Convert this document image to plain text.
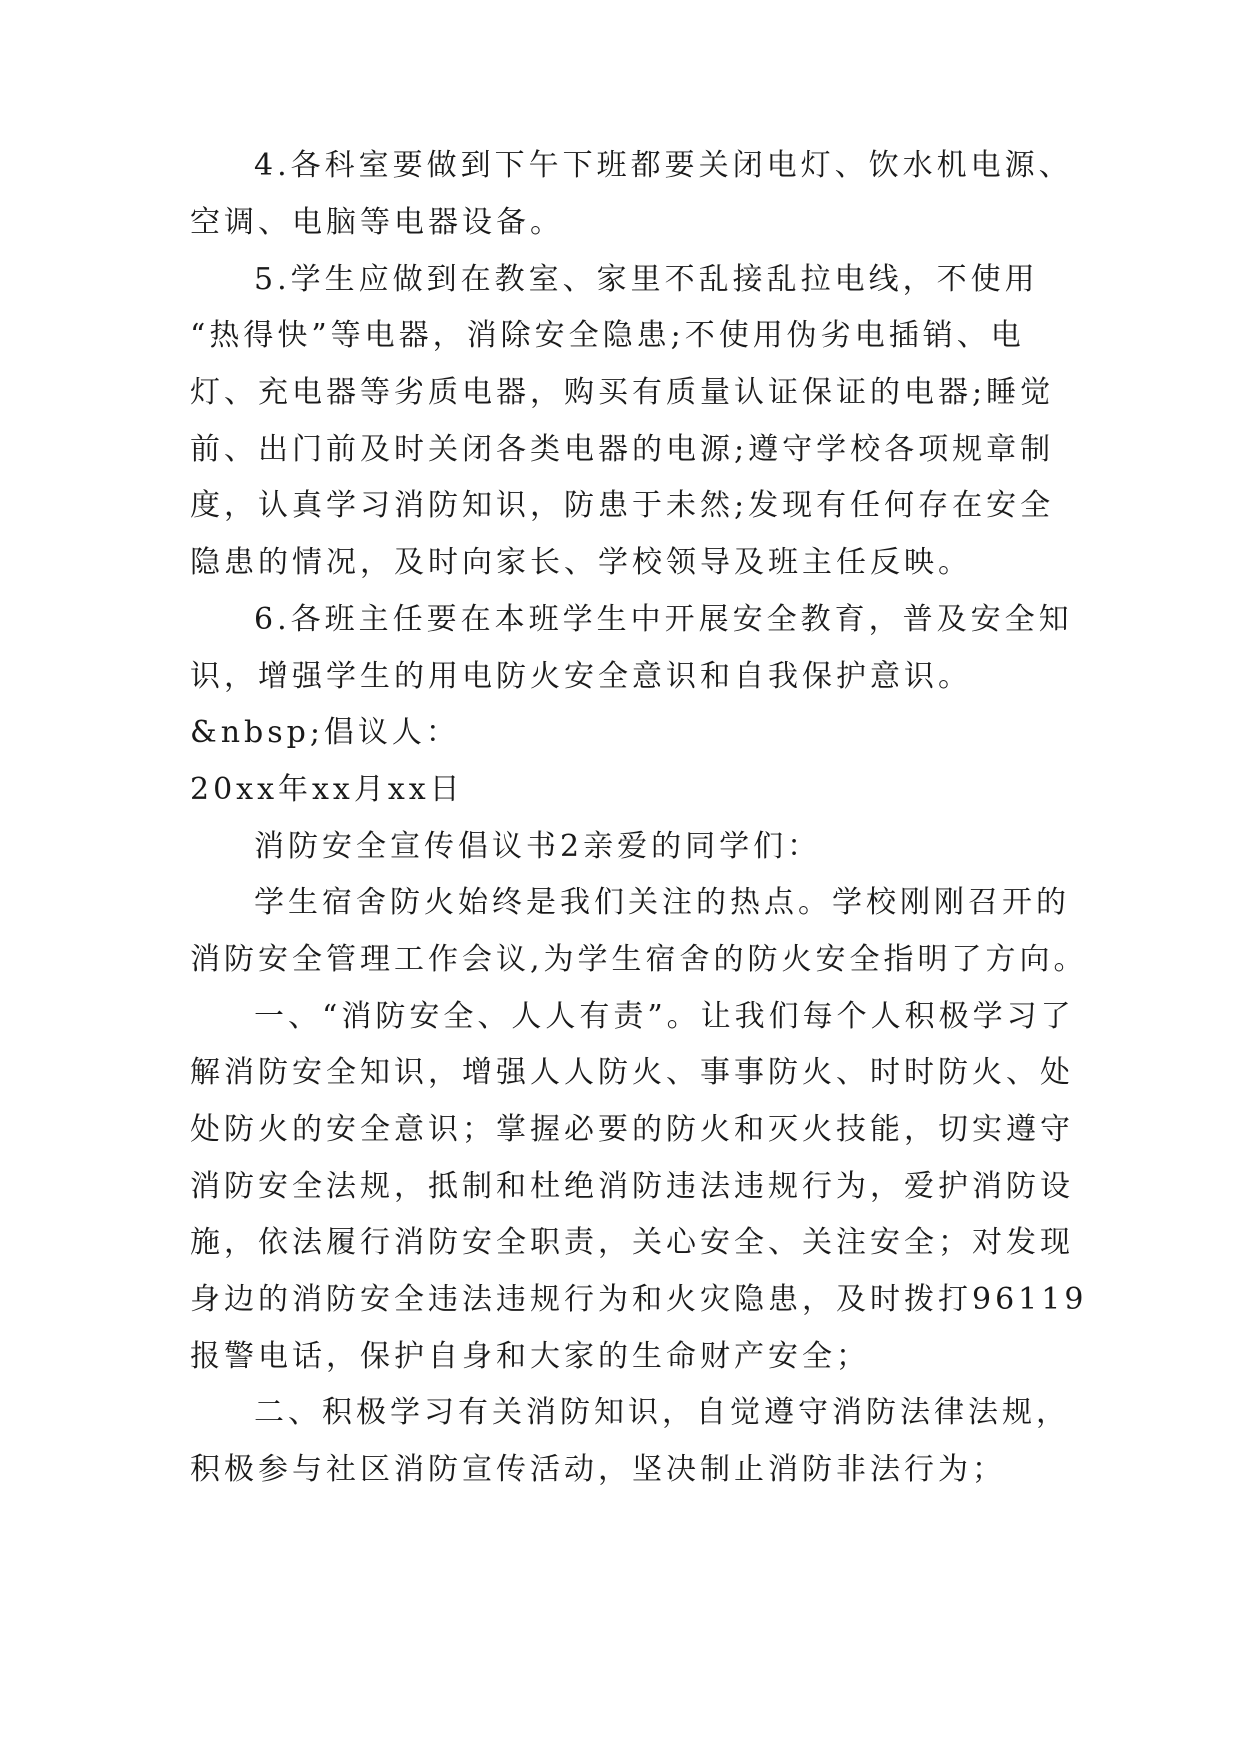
4.各科室要做到下午下班都要关闭电灯、饮水机电源、
空调、电脑等电器设备。
5.学生应做到在教室、家里不乱接乱拉电线，不使用
“热得快”等电器，消除安全隐患;不使用伪劣电插销、电
灯、充电器等劣质电器，购买有质量认证保证的电器;睡觉
前、出门前及时关闭各类电器的电源;遵守学校各项规章制
度，认真学习消防知识，防患于未然;发现有任何存在安全
隐患的情况，及时向家长、学校领导及班主任反映。
6.各班主任要在本班学生中开展安全教育，普及安全知
识，增强学生的用电防火安全意识和自我保护意识。
&nbsp;倡议人：
20xx年xx月xx日
消防安全宣传倡议书2亲爱的同学们：
学生宿舍防火始终是我们关注的热点。学校刚刚召开的
消防安全管理工作会议,为学生宿舍的防火安全指明了方向。
一、“消防安全、人人有责”。让我们每个人积极学习了
解消防安全知识，增强人人防火、事事防火、时时防火、处
处防火的安全意识；掌握必要的防火和灭火技能，切实遵守
消防安全法规，抵制和杜绝消防违法违规行为，爱护消防设
施，依法履行消防安全职责，关心安全、关注安全；对发现
身边的消防安全违法违规行为和火灾隐患，及时拨打96119
报警电话，保护自身和大家的生命财产安全；
二、积极学习有关消防知识，自觉遵守消防法律法规，
积极参与社区消防宣传活动，坚决制止消防非法行为；
